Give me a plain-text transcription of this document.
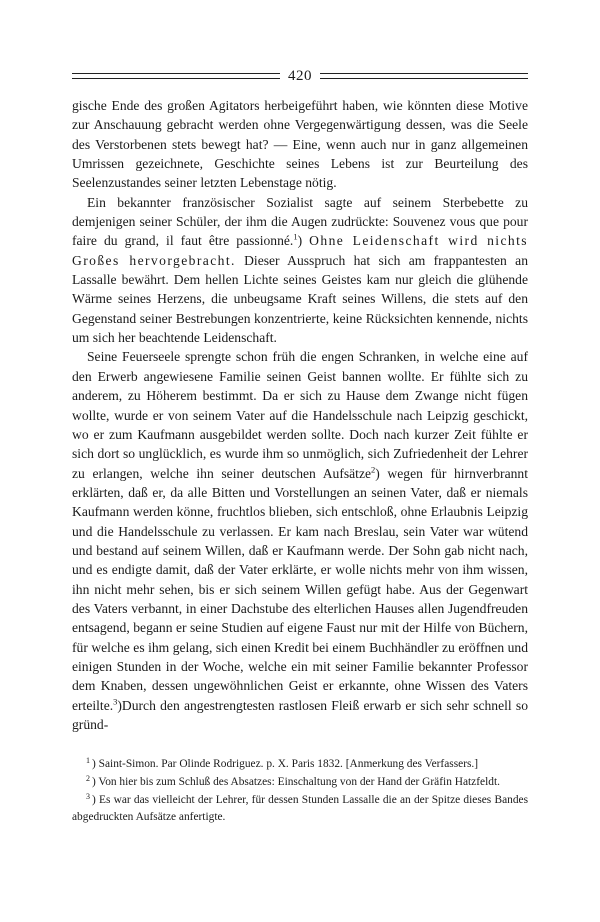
420

gische Ende des großen Agitators herbeigeführt haben, wie könnten diese Motive zur Anschauung gebracht werden ohne Vergegenwärtigung dessen, was die Seele des Verstorbenen stets bewegt hat? — Eine, wenn auch nur in ganz allgemeinen Umrissen gezeichnete, Geschichte seines Lebens ist zur Beurteilung des Seelenzustandes seiner letzten Lebenstage nötig.

Ein bekannter französischer Sozialist sagte auf seinem Sterbebette zu demjenigen seiner Schüler, der ihm die Augen zudrückte: Souvenez vous que pour faire du grand, il faut être passionné.$^1$) Ohne Leidenschaft wird nichts Großes hervorgebracht. Dieser Ausspruch hat sich am frappantesten an Lassalle bewährt. Dem hellen Lichte seines Geistes kam nur gleich die glühende Wärme seines Herzens, die unbeugsame Kraft seines Willens, die stets auf den Gegenstand seiner Bestrebungen konzentrierte, keine Rücksichten kennende, nichts um sich her beachtende Leidenschaft.

Seine Feuerseele sprengte schon früh die engen Schranken, in welche eine auf den Erwerb angewiesene Familie seinen Geist bannen wollte. Er fühlte sich zu anderem, zu Höherem bestimmt. Da er sich zu Hause dem Zwange nicht fügen wollte, wurde er von seinem Vater auf die Handelsschule nach Leipzig geschickt, wo er zum Kaufmann ausgebildet werden sollte. Doch nach kurzer Zeit fühlte er sich dort so unglücklich, es wurde ihm so unmöglich, sich Zufriedenheit der Lehrer zu erlangen, welche ihn seiner deutschen Aufsätze$^2$) wegen für hirnverbrannt erklärten, daß er, da alle Bitten und Vorstellungen an seinen Vater, daß er niemals Kaufmann werden könne, fruchtlos blieben, sich entschloß, ohne Erlaubnis Leipzig und die Handelsschule zu verlassen. Er kam nach Breslau, sein Vater war wütend und bestand auf seinem Willen, daß er Kaufmann werde. Der Sohn gab nicht nach, und es endigte damit, daß der Vater erklärte, er wolle nichts mehr von ihm wissen, ihn nicht mehr sehen, bis er sich seinem Willen gefügt habe. Aus der Gegenwart des Vaters verbannt, in einer Dachstube des elterlichen Hauses allen Jugendfreuden entsagend, begann er seine Studien auf eigene Faust nur mit der Hilfe von Büchern, für welche es ihm gelang, sich einen Kredit bei einem Buchhändler zu eröffnen und einigen Stunden in der Woche, welche ein mit seiner Familie bekannter Professor dem Knaben, dessen ungewöhnlichen Geist er erkannte, ohne Wissen des Vaters erteilte.$^3$)Durch den angestrengtesten rastlosen Fleiß erwarb er sich sehr schnell so gründ-

$^1$ ) Saint-Simon. Par Olinde Rodriguez. p. X. Paris 1832. [Anmerkung des Verfassers.]

$^2$ ) Von hier bis zum Schluß des Absatzes: Einschaltung von der Hand der Gräfin Hatzfeldt.

$^3$ ) Es war das vielleicht der Lehrer, für dessen Stunden Lassalle die an der Spitze dieses Bandes abgedruckten Aufsätze anfertigte.
